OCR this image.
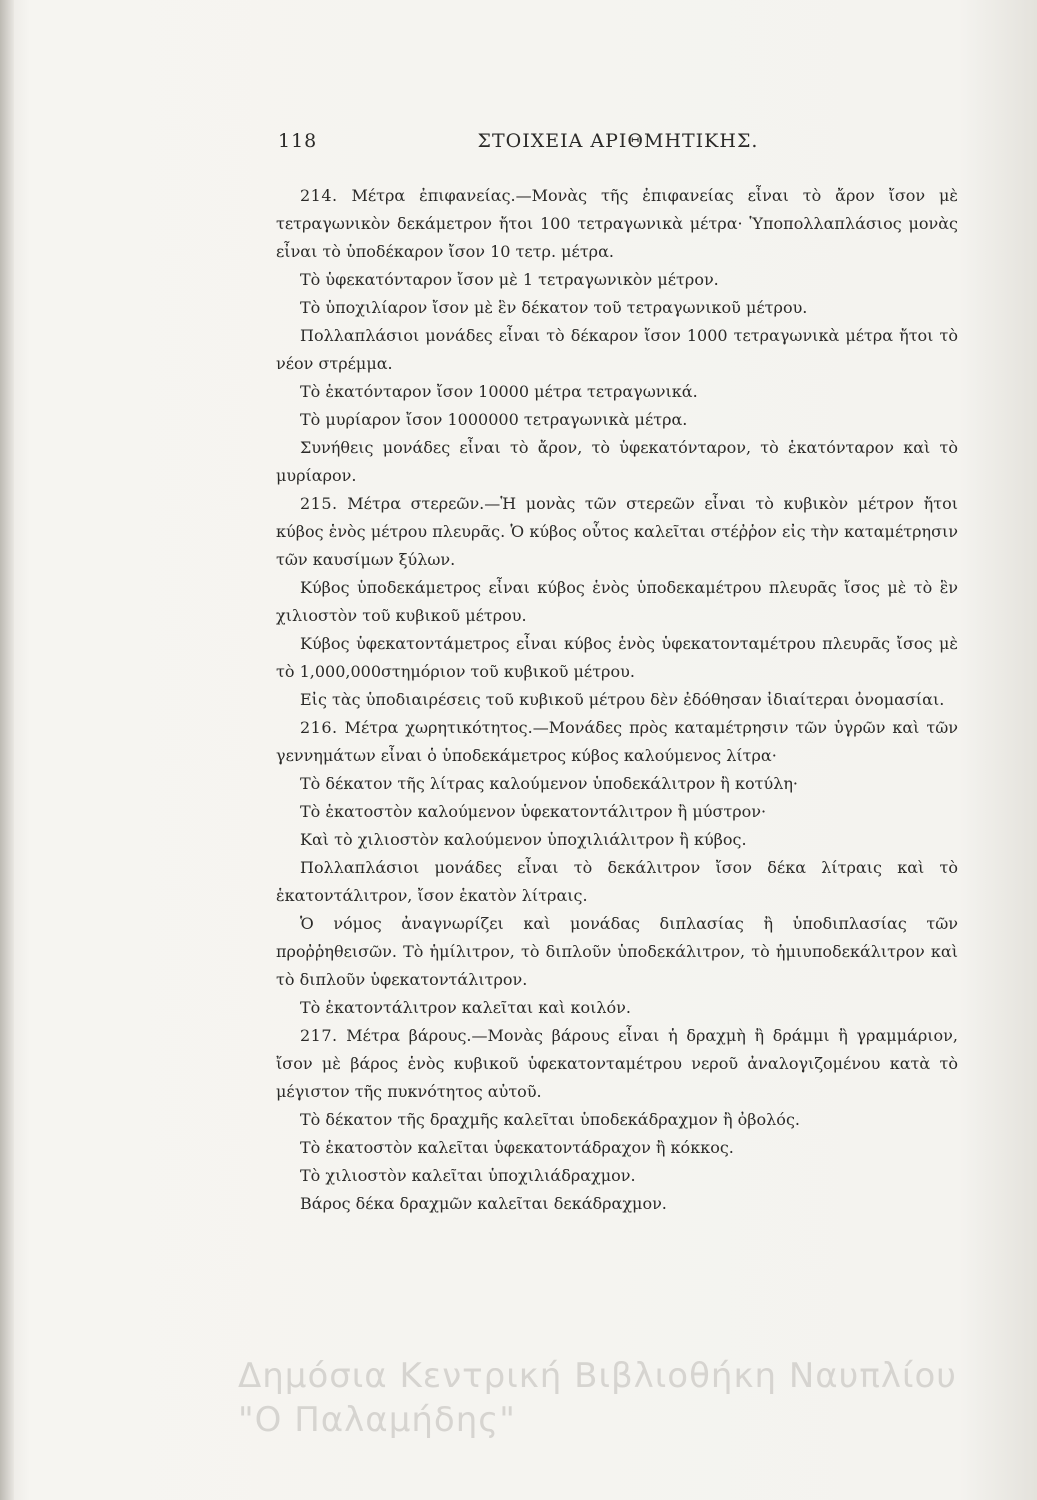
118	ΣΤΟΙΧΕΙΑ ΑΡΙΘΜΗΤΙΚΗΣ.

214. Μέτρα ἐπιφανείας.—Μονὰς τῆς ἐπιφανείας εἶναι τὸ ἄρον ἴσον μὲ τετραγωνικὸν δεκάμετρον ἤτοι 100 τετραγωνικὰ μέτρα· Ὑποπολλαπλάσιος μονὰς εἶναι τὸ ὑποδέκαρον ἴσον 10 τετρ. μέτρα.

Τὸ ὑφεκατόνταρον ἴσον μὲ 1 τετραγωνικὸν μέτρον.

Τὸ ὑποχιλίαρον ἴσον μὲ ἓν δέκατον τοῦ τετραγωνικοῦ μέτρου.

Πολλαπλάσιοι μονάδες εἶναι τὸ δέκαρον ἴσον 1000 τετραγωνικὰ μέτρα ἤτοι τὸ νέον στρέμμα.

Τὸ ἑκατόνταρον ἴσον 10000 μέτρα τετραγωνικά.

Τὸ μυρίαρον ἴσον 1000000 τετραγωνικὰ μέτρα.

Συνήθεις μονάδες εἶναι τὸ ἄρον, τὸ ὑφεκατόνταρον, τὸ ἑκατόνταρον καὶ τὸ μυρίαρον.

215. Μέτρα στερεῶν.—Ἡ μονὰς τῶν στερεῶν εἶναι τὸ κυβικὸν μέτρον ἤτοι κύβος ἑνὸς μέτρου πλευρᾶς. Ὁ κύβος οὗτος καλεῖται στέῤῥον εἰς τὴν καταμέτρησιν τῶν καυσίμων ξύλων.

Κύβος ὑποδεκάμετρος εἶναι κύβος ἑνὸς ὑποδεκαμέτρου πλευρᾶς ἴσος μὲ τὸ ἓν χιλιοστὸν τοῦ κυβικοῦ μέτρου.

Κύβος ὑφεκατοντάμετρος εἶναι κύβος ἑνὸς ὑφεκατονταμέτρου πλευρᾶς ἴσος μὲ τὸ 1,000,000στημόριον τοῦ κυβικοῦ μέτρου.

Εἰς τὰς ὑποδιαιρέσεις τοῦ κυβικοῦ μέτρου δὲν ἐδόθησαν ἰδιαίτεραι ὀνομασίαι.

216. Μέτρα χωρητικότητος.—Μονάδες πρὸς καταμέτρησιν τῶν ὑγρῶν καὶ τῶν γεννημάτων εἶναι ὁ ὑποδεκάμετρος κύβος καλούμενος λίτρα·

Τὸ δέκατον τῆς λίτρας καλούμενον ὑποδεκάλιτρον ἢ κοτύλη·

Τὸ ἑκατοστὸν καλούμενον ὑφεκατοντάλιτρον ἢ μύστρον·

Καὶ τὸ χιλιοστὸν καλούμενον ὑποχιλιάλιτρον ἢ κύβος.

Πολλαπλάσιοι μονάδες εἶναι τὸ δεκάλιτρον ἴσον δέκα λίτραις καὶ τὸ ἑκατοντάλιτρον, ἴσον ἑκατὸν λίτραις.

Ὁ νόμος ἀναγνωρίζει καὶ μονάδας διπλασίας ἢ ὑποδιπλασίας τῶν προῤῥηθεισῶν. Τὸ ἡμίλιτρον, τὸ διπλοῦν ὑποδεκάλιτρον, τὸ ἡμιυποδεκάλιτρον καὶ τὸ διπλοῦν ὑφεκατοντάλιτρον.

Τὸ ἑκατοντάλιτρον καλεῖται καὶ κοιλόν.

217. Μέτρα βάρους.—Μονὰς βάρους εἶναι ἡ δραχμὴ ἢ δράμμι ἢ γραμμάριον, ἴσον μὲ βάρος ἑνὸς κυβικοῦ ὑφεκατονταμέτρου νεροῦ ἀναλογιζομένου κατὰ τὸ μέγιστον τῆς πυκνότητος αὐτοῦ.

Τὸ δέκατον τῆς δραχμῆς καλεῖται ὑποδεκάδραχμον ἢ ὀβολός.

Τὸ ἑκατοστὸν καλεῖται ὑφεκατοντάδραχον ἢ κόκκος.

Τὸ χιλιοστὸν καλεῖται ὑποχιλιάδραχμον.

Βάρος δέκα δραχμῶν καλεῖται δεκάδραχμον.

Δημόσια Κεντρική Βιβλιοθήκη Ναυπλίου
"Ο Παλαμήδης"
